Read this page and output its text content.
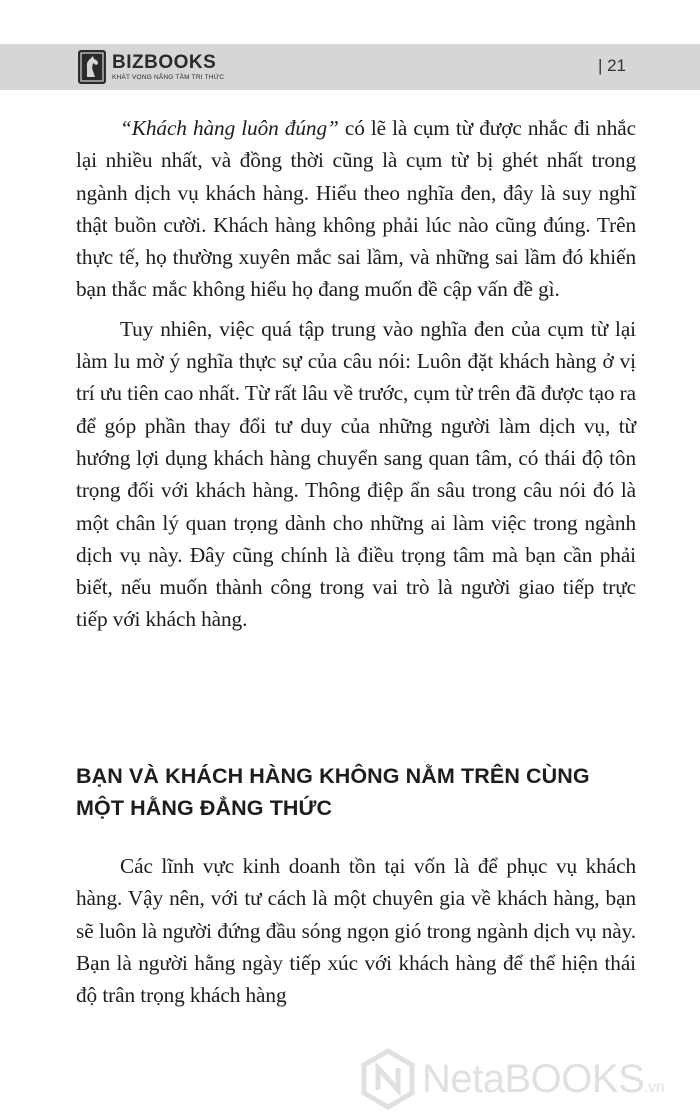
BIZBOOKS
KHÁT VỌNG NÂNG TẦM TRI THỨC
| 21

“Khách hàng luôn đúng” có lẽ là cụm từ được nhắc đi nhắc lại nhiều nhất, và đồng thời cũng là cụm từ bị ghét nhất trong ngành dịch vụ khách hàng. Hiểu theo nghĩa đen, đây là suy nghĩ thật buồn cười. Khách hàng không phải lúc nào cũng đúng. Trên thực tế, họ thường xuyên mắc sai lầm, và những sai lầm đó khiến bạn thắc mắc không hiểu họ đang muốn đề cập vấn đề gì.

Tuy nhiên, việc quá tập trung vào nghĩa đen của cụm từ lại làm lu mờ ý nghĩa thực sự của câu nói: Luôn đặt khách hàng ở vị trí ưu tiên cao nhất. Từ rất lâu về trước, cụm từ trên đã được tạo ra để góp phần thay đổi tư duy của những người làm dịch vụ, từ hướng lợi dụng khách hàng chuyển sang quan tâm, có thái độ tôn trọng đối với khách hàng. Thông điệp ẩn sâu trong câu nói đó là một chân lý quan trọng dành cho những ai làm việc trong ngành dịch vụ này. Đây cũng chính là điều trọng tâm mà bạn cần phải biết, nếu muốn thành công trong vai trò là người giao tiếp trực tiếp với khách hàng.

BẠN VÀ KHÁCH HÀNG KHÔNG NẰM TRÊN CÙNG MỘT HẰNG ĐẲNG THỨC

Các lĩnh vực kinh doanh tồn tại vốn là để phục vụ khách hàng. Vậy nên, với tư cách là một chuyên gia về khách hàng, bạn sẽ luôn là người đứng đầu sóng ngọn gió trong ngành dịch vụ này. Bạn là người hằng ngày tiếp xúc với khách hàng để thể hiện thái độ trân trọng khách hàng

NetaBOOKS.vn
